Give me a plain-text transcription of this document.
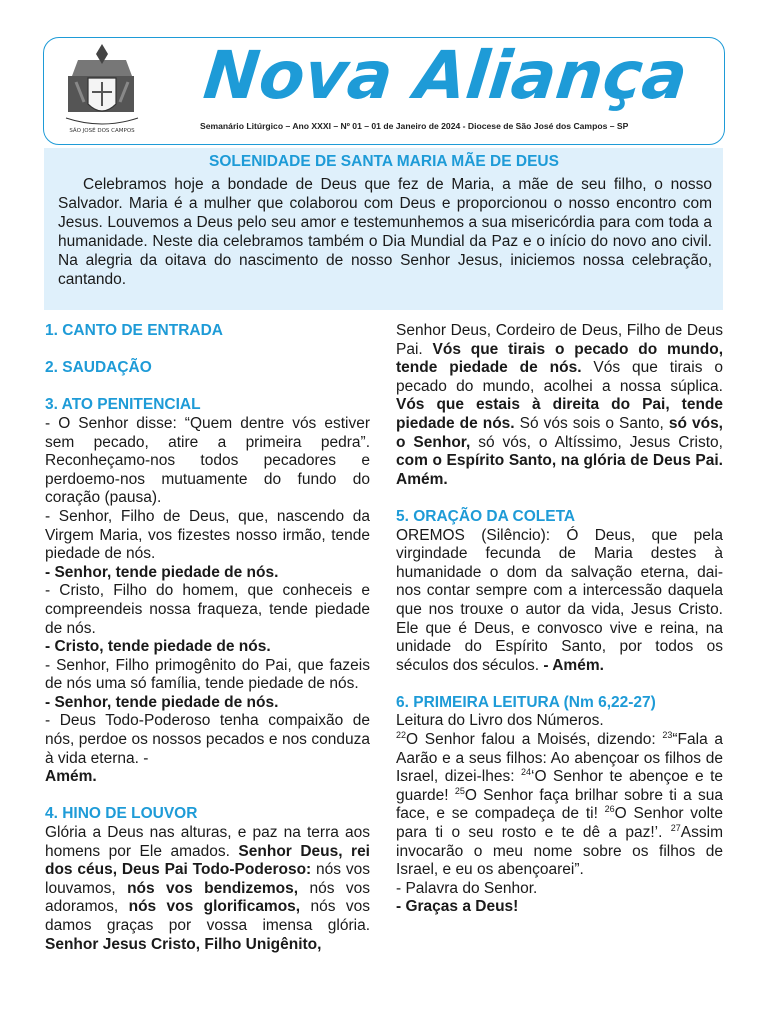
SÃO JOSÉ DOS CAMPOS
Nova Aliança
Semanário Litúrgico – Ano XXXI – Nº 01 – 01 de Janeiro de 2024 - Diocese de São José dos Campos – SP
SOLENIDADE DE SANTA MARIA MÃE DE DEUS
Celebramos hoje a bondade de Deus que fez de Maria, a mãe de seu filho, o nosso Salvador. Maria é a mulher que colaborou com Deus e proporcionou o nosso encontro com Jesus. Louvemos a Deus pelo seu amor e testemunhemos a sua misericórdia para com toda a humanidade. Neste dia celebramos também o Dia Mundial da Paz e o início do novo ano civil. Na alegria da oitava do nascimento de nosso Senhor Jesus, iniciemos nossa celebração, cantando.
1. CANTO DE ENTRADA
2. SAUDAÇÃO
3. ATO PENITENCIAL

- O Senhor disse: “Quem dentre vós estiver sem pecado, atire a primeira pedra”. Reconheçamo-nos todos pecadores e perdoemo-nos mutuamente do fundo do coração (pausa).

- Senhor, Filho de Deus, que, nascendo da Virgem Maria, vos fizestes nosso irmão, tende piedade de nós.

- Senhor, tende piedade de nós.

- Cristo, Filho do homem, que conheceis e compreendeis nossa fraqueza, tende piedade de nós.

- Cristo, tende piedade de nós.

- Senhor, Filho primogênito do Pai, que fazeis de nós uma só família, tende piedade de nós.

- Senhor, tende piedade de nós.

- Deus Todo-Poderoso tenha compaixão de nós, perdoe os nossos pecados e nos conduza à vida eterna. -
Amém.

4. HINO DE LOUVOR

Glória a Deus nas alturas, e paz na terra aos homens por Ele amados. Senhor Deus, rei dos céus, Deus Pai Todo-Poderoso: nós vos louvamos, nós vos bendizemos, nós vos adoramos, nós vos glorificamos, nós vos damos graças por vossa imensa glória. Senhor Jesus Cristo, Filho Unigênito,

Senhor Deus, Cordeiro de Deus, Filho de Deus Pai. Vós que tirais o pecado do mundo, tende piedade de nós. Vós que tirais o pecado do mundo, acolhei a nossa súplica. Vós que estais à direita do Pai, tende piedade de nós. Só vós sois o Santo, só vós, o Senhor, só vós, o Altíssimo, Jesus Cristo, com o Espírito Santo, na glória de Deus Pai. Amém.

5. ORAÇÃO DA COLETA

OREMOS (Silêncio): Ó Deus, que pela virgindade fecunda de Maria destes à humanidade o dom da salvação eterna, dai-nos contar sempre com a intercessão daquela que nos trouxe o autor da vida, Jesus Cristo. Ele que é Deus, e convosco vive e reina, na unidade do Espírito Santo, por todos os séculos dos séculos. - Amém.

6. PRIMEIRA LEITURA (Nm 6,22-27)

Leitura do Livro dos Números.

$^{22}$O Senhor falou a Moisés, dizendo: $^{23}$“Fala a Aarão e a seus filhos: Ao abençoar os filhos de Israel, dizei-lhes: $^{24}$‘O Senhor te abençoe e te guarde! $^{25}$O Senhor faça brilhar sobre ti a sua face, e se compadeça de ti! $^{26}$O Senhor volte para ti o seu rosto e te dê a paz!’. $^{27}$Assim invocarão o meu nome sobre os filhos de Israel, e eu os abençoarei”.

- Palavra do Senhor.

- Graças a Deus!
